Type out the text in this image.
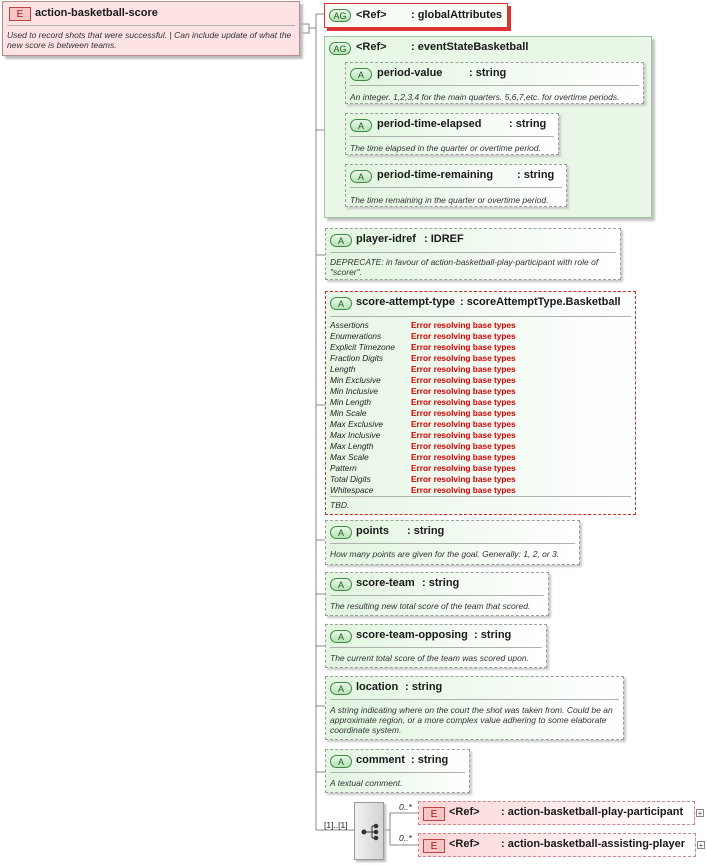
E	action-basketball-score
Used to record shots that were successful. | Can include update of what the new score is between teams.
AG <Ref> : globalAttributes
AG <Ref> : eventStateBasketball
A	period-value : string
An integer. 1,2,3,4 for the main quarters. 5,6,7,etc. for overtime periods.
A	period-time-elapsed : string
The time elapsed in the quarter or overtime period.
A	period-time-remaining : string
The time remaining in the quarter or overtime period.
A	player-idref : IDREF
DEPRECATE: in favour of action-basketball-play-participant with role of "scorer".
A	score-attempt-type : scoreAttemptType.Basketball
Assertions	Error resolving base types
Enumerations	Error resolving base types
Explicit Timezone Error resolving base types
Fraction Digits	Error resolving base types
Length	Error resolving base types
Min Exclusive	Error resolving base types
Min Inclusive	Error resolving base types
Min Length	Error resolving base types
Min Scale	Error resolving base types
Max Exclusive	Error resolving base types
Max Inclusive	Error resolving base types
Max Length	Error resolving base types
Max Scale	Error resolving base types
Pattern	Error resolving base types
Total Digits	Error resolving base types
Whitespace	Error resolving base types
TBD.
A	points : string
How many points are given for the goal. Generally: 1, 2, or 3.
A	score-team : string
The resulting new total score of the team that scored.
A	score-team-opposing : string
The current total score of the team was scored upon.
A	location : string
A string indicating where on the court the shot was taken from. Could be an approximate region, or a more complex value adhering to some elaborate coordinate system.
A	comment : string
A textual comment.
[1]..[1]
0..*
E	<Ref> : action-basketball-play-participant +
0..*
E	<Ref> : action-basketball-assisting-player +
